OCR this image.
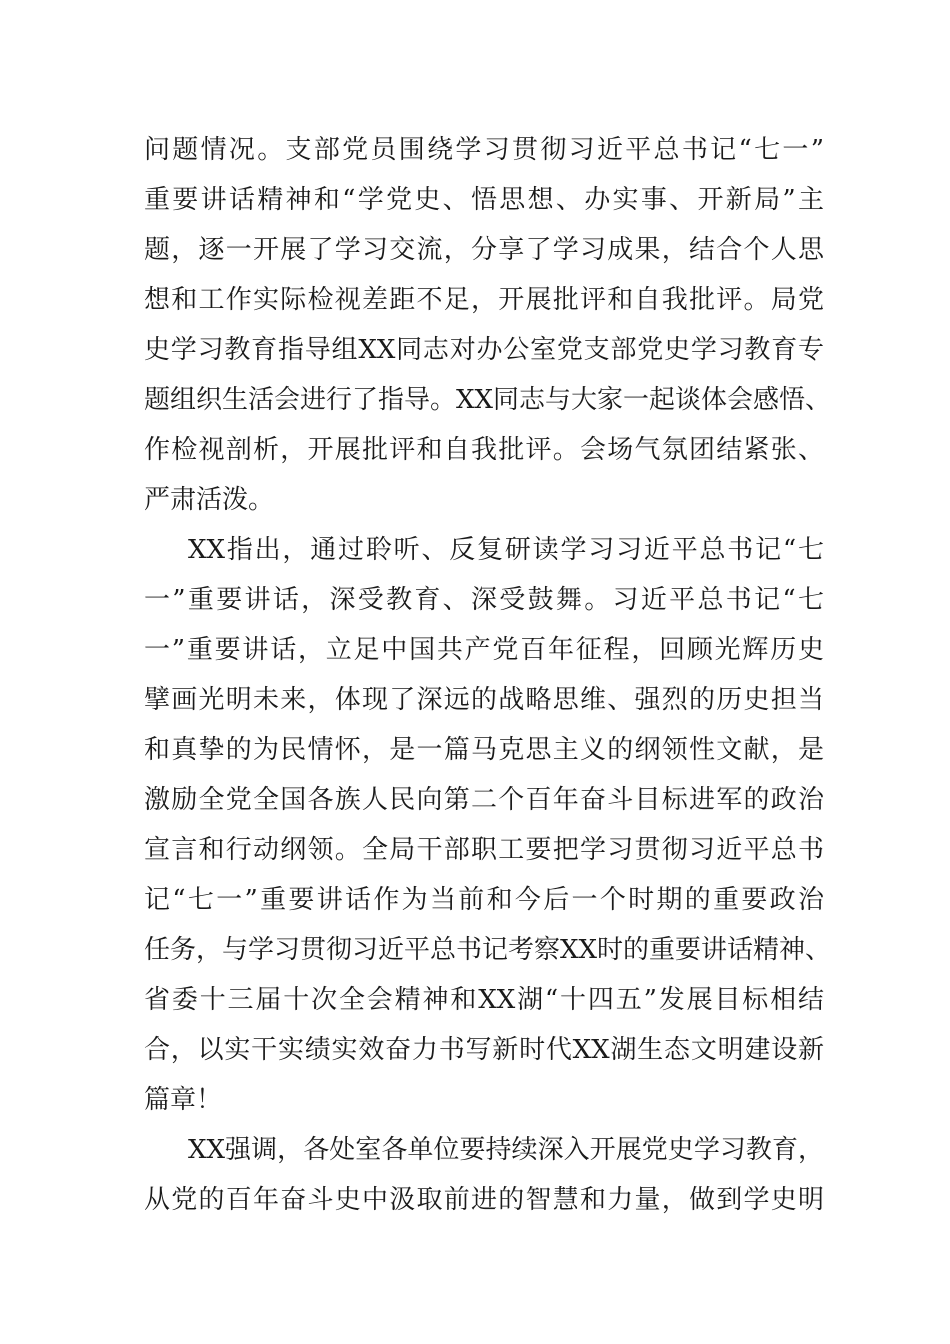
问题情况。支部党员围绕学习贯彻习近平总书记“七一”
重要讲话精神和“学党史、悟思想、办实事、开新局”主
题，逐一开展了学习交流，分享了学习成果，结合个人思
想和工作实际检视差距不足，开展批评和自我批评。局党
史学习教育指导组XX同志对办公室党支部党史学习教育专
题组织生活会进行了指导。XX同志与大家一起谈体会感悟、
作检视剖析，开展批评和自我批评。会场气氛团结紧张、
严肃活泼。
XX指出，通过聆听、反复研读学习习近平总书记“七
一”重要讲话，深受教育、深受鼓舞。习近平总书记“七
一”重要讲话，立足中国共产党百年征程，回顾光辉历史
擘画光明未来，体现了深远的战略思维、强烈的历史担当
和真挚的为民情怀，是一篇马克思主义的纲领性文献，是
激励全党全国各族人民向第二个百年奋斗目标进军的政治
宣言和行动纲领。全局干部职工要把学习贯彻习近平总书
记“七一”重要讲话作为当前和今后一个时期的重要政治
任务，与学习贯彻习近平总书记考察XX时的重要讲话精神、
省委十三届十次全会精神和XX湖“十四五”发展目标相结
合，以实干实绩实效奋力书写新时代XX湖生态文明建设新
篇章！
XX强调，各处室各单位要持续深入开展党史学习教育，
从党的百年奋斗史中汲取前进的智慧和力量，做到学史明
